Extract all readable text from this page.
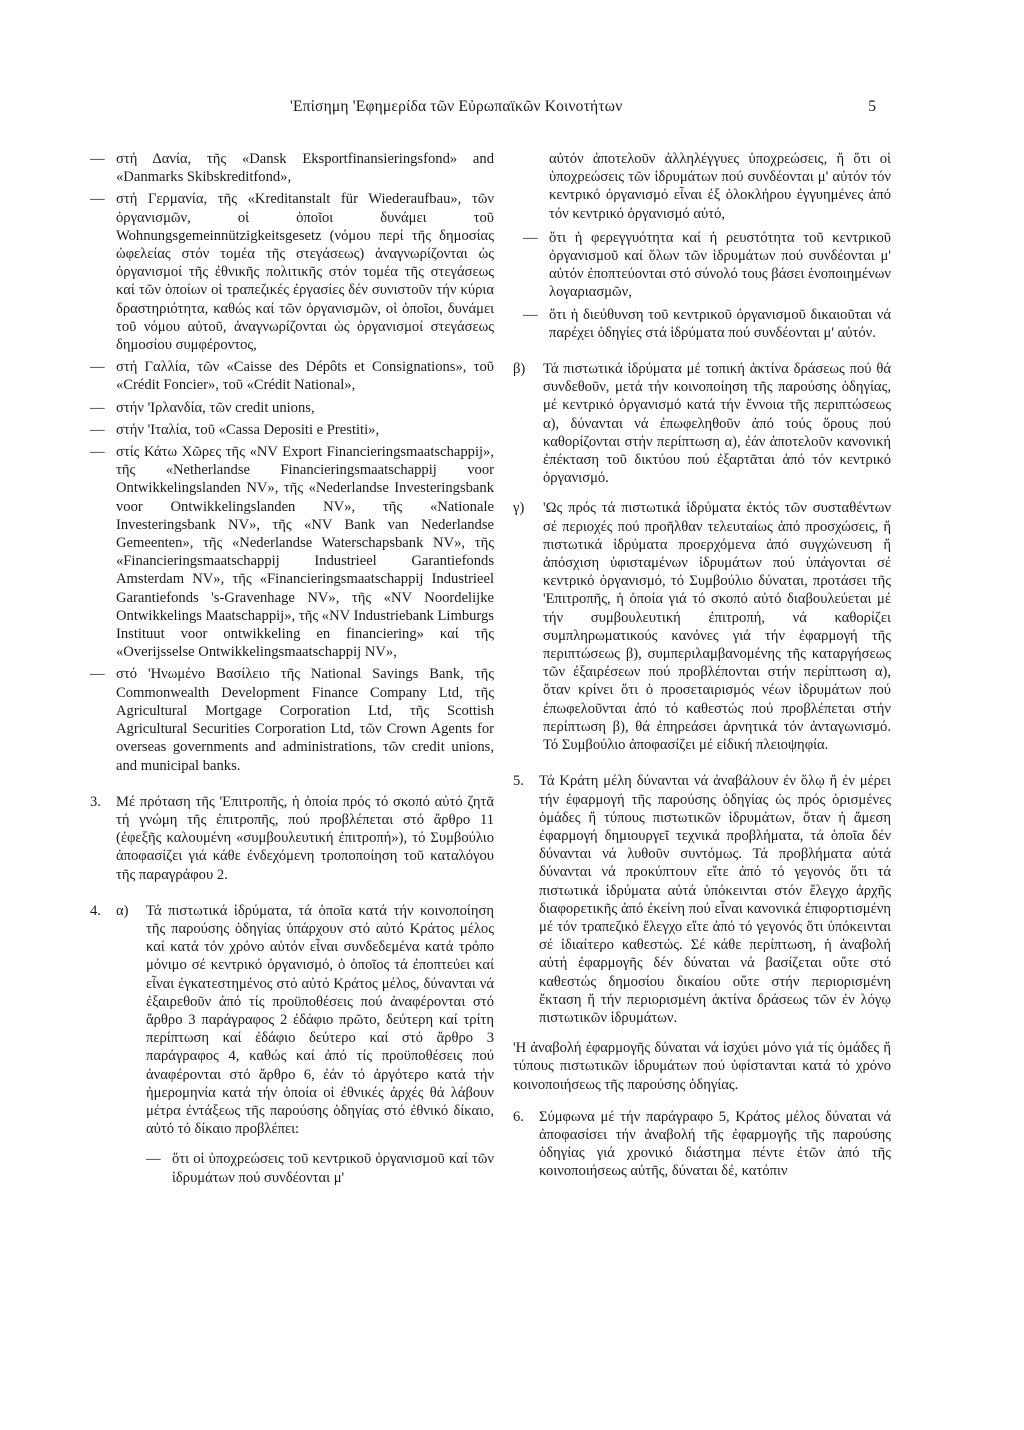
'Επίσημη 'Εφημερίδα τῶν Εὐρωπαϊκῶν Κοινοτήτων	5
— στή Δανία, τῆς «Dansk Eksportfinansieringsfond» and «Danmarks Skibskreditfond»,
— στή Γερμανία, τῆς «Kreditanstalt für Wiederaufbau», τῶν ὀργανισμῶν, οἱ ὁποῖοι δυνάμει τοῦ Wohnungsgemeinnützigkeitsgesetz (νόμου περί τῆς δημοσίας ὠφελείας στόν τομέα τῆς στεγάσεως) ἀναγνωρίζονται ὡς ὀργανισμοί τῆς ἐθνικῆς πολιτικῆς στόν τομέα τῆς στεγάσεως καί τῶν ὁποίων οἱ τραπεζικές ἐργασίες δέν συνιστοῦν τήν κύρια δραστηριότητα, καθώς καί τῶν ὀργανισμῶν, οἱ ὁποῖοι, δυνάμει τοῦ νόμου αὐτοῦ, ἀναγνωρίζονται ὡς ὀργανισμοί στεγάσεως δημοσίου συμφέροντος,
— στή Γαλλία, τῶν «Caisse des Dépôts et Consignations», τοῦ «Crédit Foncier», τοῦ «Crédit National»,
— στήν 'Ιρλανδία, τῶν credit unions,
— στήν 'Ιταλία, τοῦ «Cassa Depositi e Prestiti»,
— στίς Κάτω Χῶρες τῆς «NV Export Financieringsmaatschappij», τῆς «Netherlandse Financieringsmaatschappij voor Ontwikkelingslanden NV», τῆς «Nederlandse Investeringsbank voor Ontwikkelingslanden NV», τῆς «Nationale Investeringsbank NV», τῆς «NV Bank van Nederlandse Gemeenten», τῆς «Nederlandse Waterschapsbank NV», τῆς «Financieringsmaatschappij Industrieel Garantiefonds Amsterdam NV», τῆς «Financieringsmaatschappij Industrieel Garantiefonds 's-Gravenhage NV», τῆς «NV Noordelijke Ontwikkelings Maatschappij», τῆς «NV Industriebank Limburgs Instituut voor ontwikkeling en financiering» καί τῆς «Overijsselse Ontwikkelingsmaatschappij NV»,
— στό 'Ηνωμένο Βασίλειο τῆς National Savings Bank, τῆς Commonwealth Development Finance Company Ltd, τῆς Agricultural Mortgage Corporation Ltd, τῆς Scottish Agricultural Securities Corporation Ltd, τῶν Crown Agents for overseas governments and administrations, τῶν credit unions, and municipal banks.
3.	Μέ πρόταση τῆς 'Επιτροπῆς, ἡ ὁποία πρός τό σκοπό αὐτό ζητᾶ τή γνώμη τῆς ἐπιτροπῆς, πού προβλέπεται στό ἄρθρο 11 (ἐφεξῆς καλουμένη «συμβουλευτική ἐπιτροπή»), τό Συμβούλιο ἀποφασίζει γιά κάθε ἐνδεχόμενη τροποποίηση τοῦ καταλόγου τῆς παραγράφου 2.
4.	α)	Τά πιστωτικά ἱδρύματα, τά ὁποῖα κατά τήν κοινοποίηση τῆς παρούσης ὁδηγίας ὑπάρχουν στό αὐτό Κράτος μέλος καί κατά τόν χρόνο αὐτόν εἶναι συνδεδεμένα κατά τρόπο μόνιμο σέ κεντρικό ὀργανισμό, ὁ ὁποῖος τά ἐποπτεύει καί εἶναι ἐγκατεστημένος στό αὐτό Κράτος μέλος, δύνανται νά ἐξαιρεθοῦν ἀπό τίς προϋποθέσεις πού ἀναφέρονται στό ἄρθρο 3 παράγραφος 2 ἐδάφιο πρῶτο, δεύτερη καί τρίτη περίπτωση καί ἐδάφιο δεύτερο καί στό ἄρθρο 3 παράγραφος 4, καθώς καί ἀπό τίς προϋποθέσεις πού ἀναφέρονται στό ἄρθρο 6, ἐάν τό ἀργότερο κατά τήν ἡμερομηνία κατά τήν ὁποία οἱ ἐθνικές ἀρχές θά λάβουν μέτρα ἐντάξεως τῆς παρούσης ὁδηγίας στό ἐθνικό δίκαιο, αὐτό τό δίκαιο προβλέπει:
— ὅτι οἱ ὑποχρεώσεις τοῦ κεντρικοῦ ὀργανισμοῦ καί τῶν ἱδρυμάτων πού συνδέονται μ'
αὐτόν ἀποτελοῦν ἀλληλέγγυες ὑποχρεώσεις, ἤ ὅτι οἱ ὑποχρεώσεις τῶν ἱδρυμάτων πού συνδέονται μ' αὐτόν τόν κεντρικό ὀργανισμό εἶναι ἐξ ὁλοκλήρου ἐγγυημένες ἀπό τόν κεντρικό ὀργανισμό αὐτό,
— ὅτι ἡ φερεγγυότητα καί ἡ ρευστότητα τοῦ κεντρικοῦ ὀργανισμοῦ καί ὅλων τῶν ἱδρυμάτων πού συνδέονται μ' αὐτόν ἐποπτεύονται στό σύνολό τους βάσει ἑνοποιημένων λογαριασμῶν,
— ὅτι ἡ διεύθυνση τοῦ κεντρικοῦ ὀργανισμοῦ δικαιοῦται νά παρέχει ὁδηγίες στά ἱδρύματα πού συνδέονται μ' αὐτόν.
β)	Τά πιστωτικά ἱδρύματα μέ τοπική ἀκτίνα δράσεως πού θά συνδεθοῦν, μετά τήν κοινοποίηση τῆς παρούσης ὁδηγίας, μέ κεντρικό ὀργανισμό κατά τήν ἔννοια τῆς περιπτώσεως α), δύνανται νά ἐπωφεληθοῦν ἀπό τούς ὅρους πού καθορίζονται στήν περίπτωση α), ἐάν ἀποτελοῦν κανονική ἐπέκταση τοῦ δικτύου πού ἐξαρτᾶται ἀπό τόν κεντρικό ὀργανισμό.
γ)	'Ως πρός τά πιστωτικά ἱδρύματα ἐκτός τῶν συσταθέντων σέ περιοχές πού προῆλθαν τελευταίως ἀπό προσχώσεις, ἤ πιστωτικά ἱδρύματα προερχόμενα ἀπό συγχώνευση ἤ ἀπόσχιση ὑφισταμένων ἱδρυμάτων πού ὑπάγονται σέ κεντρικό ὀργανισμό, τό Συμβούλιο δύναται, προτάσει τῆς 'Επιτροπῆς, ἡ ὁποία γιά τό σκοπό αὐτό διαβουλεύεται μέ τήν συμβουλευτική ἐπιτροπή, νά καθορίζει συμπληρωματικούς κανόνες γιά τήν ἐφαρμογή τῆς περιπτώσεως β), συμπεριλαμβανομένης τῆς καταργήσεως τῶν ἐξαιρέσεων πού προβλέπονται στήν περίπτωση α), ὅταν κρίνει ὅτι ὁ προσεταιρισμός νέων ἱδρυμάτων πού ἐπωφελοῦνται ἀπό τό καθεστώς πού προβλέπεται στήν περίπτωση β), θά ἐπηρεάσει ἀρνητικά τόν ἀνταγωνισμό. Τό Συμβούλιο ἀποφασίζει μέ εἰδική πλειοψηφία.
5.	Τά Κράτη μέλη δύνανται νά ἀναβάλουν ἐν ὅλῳ ἤ ἐν μέρει τήν ἐφαρμογή τῆς παρούσης ὁδηγίας ὡς πρός ὁρισμένες ὁμάδες ἤ τύπους πιστωτικῶν ἱδρυμάτων, ὅταν ἡ ἄμεση ἐφαρμογή δημιουργεῖ τεχνικά προβλήματα, τά ὁποῖα δέν δύνανται νά λυθοῦν συντόμως. Τά προβλήματα αὐτά δύνανται νά προκύπτουν εἴτε ἀπό τό γεγονός ὅτι τά πιστωτικά ἱδρύματα αὐτά ὑπόκεινται στόν ἔλεγχο ἀρχῆς διαφορετικῆς ἀπό ἐκείνη πού εἶναι κανονικά ἐπιφορτισμένη μέ τόν τραπεζικό ἔλεγχο εἴτε ἀπό τό γεγονός ὅτι ὑπόκεινται σέ ἰδιαίτερο καθεστώς. Σέ κάθε περίπτωση, ἡ ἀναβολή αὐτή ἐφαρμογῆς δέν δύναται νά βασίζεται οὔτε στό καθεστώς δημοσίου δικαίου οὔτε στήν περιορισμένη ἔκταση ἤ τήν περιορισμένη ἀκτίνα δράσεως τῶν ἐν λόγῳ πιστωτικῶν ἱδρυμάτων.
'Η ἀναβολή ἐφαρμογῆς δύναται νά ἰσχύει μόνο γιά τίς ὁμάδες ἤ τύπους πιστωτικῶν ἱδρυμάτων πού ὑφίστανται κατά τό χρόνο κοινοποιήσεως τῆς παρούσης ὁδηγίας.
6.	Σύμφωνα μέ τήν παράγραφο 5, Κράτος μέλος δύναται νά ἀποφασίσει τήν ἀναβολή τῆς ἐφαρμογῆς τῆς παρούσης ὁδηγίας γιά χρονικό διάστημα πέντε ἐτῶν ἀπό τῆς κοινοποιήσεως αὐτῆς, δύναται δέ, κατόπιν
